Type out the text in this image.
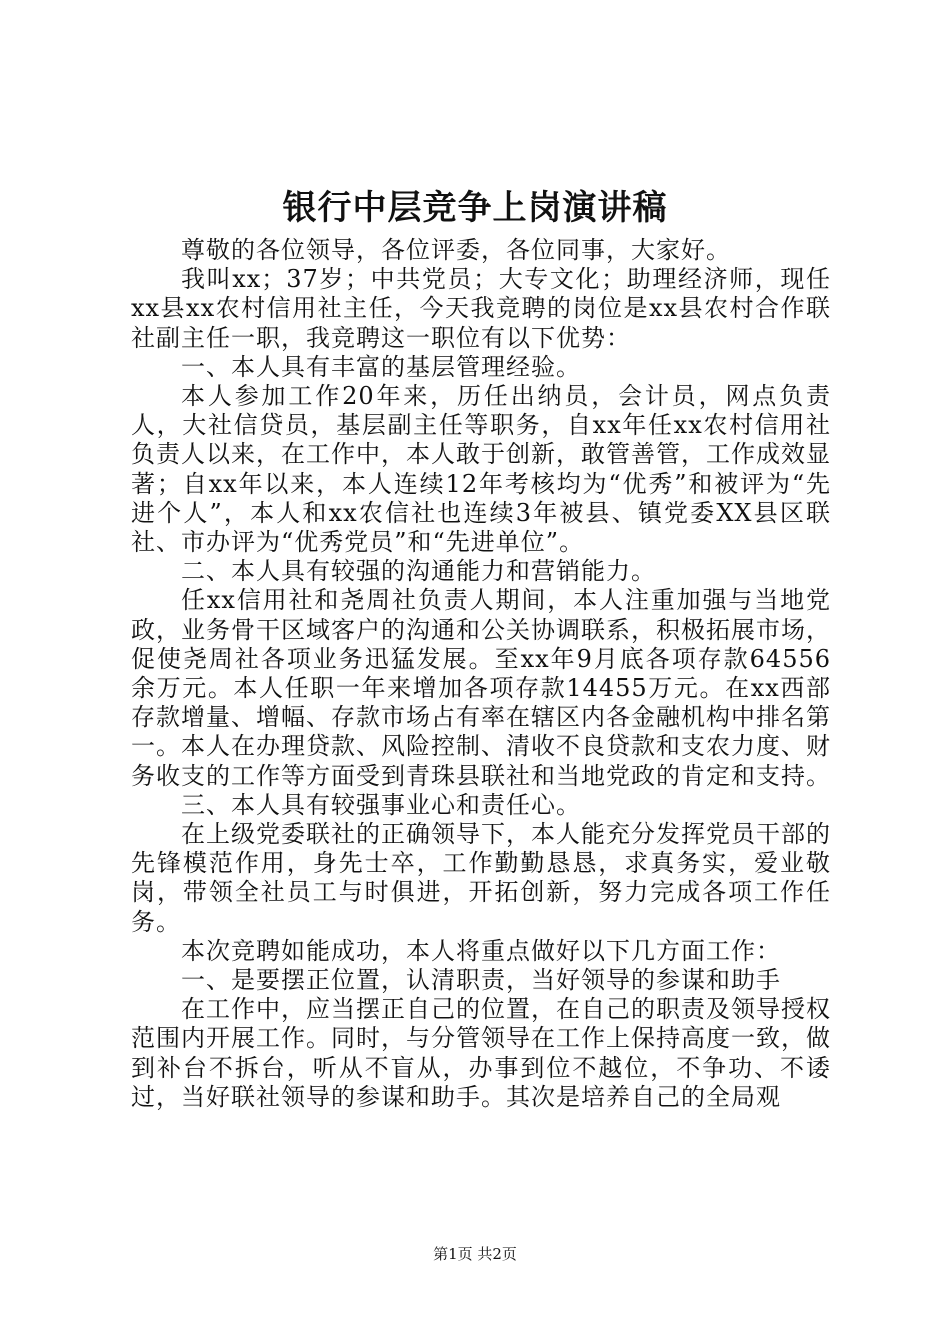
银行中层竞争上岗演讲稿

尊敬的各位领导，各位评委，各位同事，大家好。

我叫xx；37岁；中共党员；大专文化；助理经济师，现任xx县xx农村信用社主任，今天我竞聘的岗位是xx县农村合作联社副主任一职，我竞聘这一职位有以下优势：

一、本人具有丰富的基层管理经验。

本人参加工作20年来，历任出纳员，会计员，网点负责人，大社信贷员，基层副主任等职务，自xx年任xx农村信用社负责人以来，在工作中，本人敢于创新，敢管善管，工作成效显著；自xx年以来，本人连续12年考核均为“优秀”和被评为“先进个人”，本人和xx农信社也连续3年被县、镇党委XX县区联社、市办评为“优秀党员”和“先进单位”。

二、本人具有较强的沟通能力和营销能力。

任xx信用社和尧周社负责人期间，本人注重加强与当地党政，业务骨干区域客户的沟通和公关协调联系，积极拓展市场，促使尧周社各项业务迅猛发展。至xx年9月底各项存款64556余万元。本人任职一年来增加各项存款14455万元。在xx西部存款增量、增幅、存款市场占有率在辖区内各金融机构中排名第一。本人在办理贷款、风险控制、清收不良贷款和支农力度、财务收支的工作等方面受到青珠县联社和当地党政的肯定和支持。

三、本人具有较强事业心和责任心。

在上级党委联社的正确领导下，本人能充分发挥党员干部的先锋模范作用，身先士卒，工作勤勤恳恳，求真务实，爱业敬岗，带领全社员工与时俱进，开拓创新，努力完成各项工作任务。

本次竞聘如能成功，本人将重点做好以下几方面工作：

一、是要摆正位置，认清职责，当好领导的参谋和助手

在工作中，应当摆正自己的位置，在自己的职责及领导授权范围内开展工作。同时，与分管领导在工作上保持高度一致，做到补台不拆台，听从不盲从，办事到位不越位，不争功、不诿过，当好联社领导的参谋和助手。其次是培养自己的全局观

第1页 共2页
